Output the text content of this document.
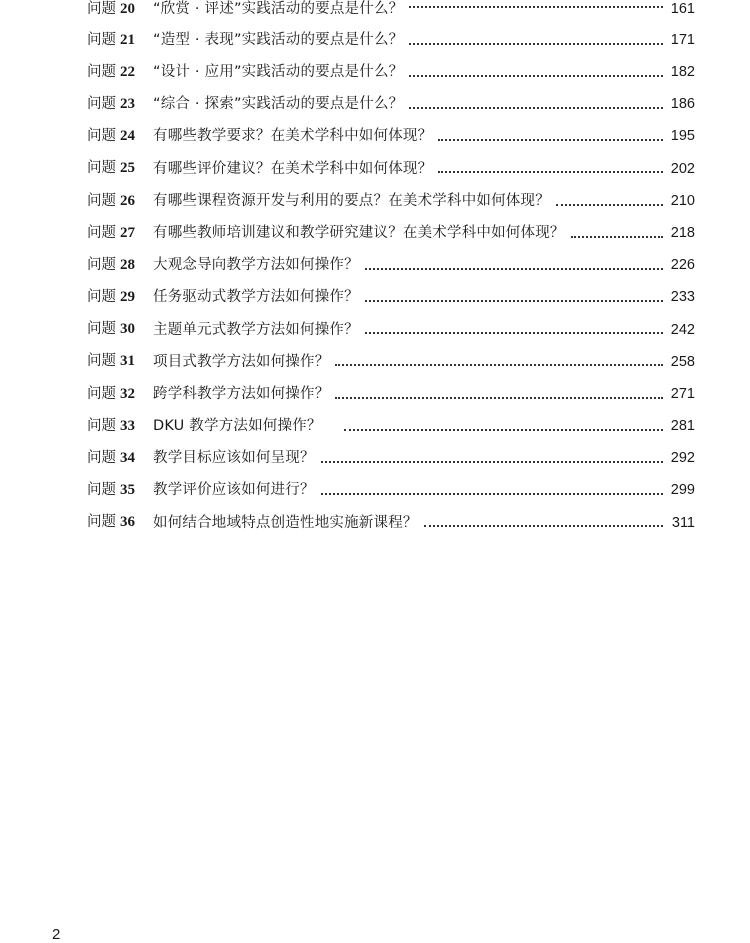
问题 20	“欣赏 · 评述”实践活动的要点是什么？	161
问题 21	“造型 · 表现”实践活动的要点是什么？	171
问题 22	“设计 · 应用”实践活动的要点是什么？	182
问题 23	“综合 · 探索”实践活动的要点是什么？	186
问题 24	有哪些教学要求？在美术学科中如何体现？	195
问题 25	有哪些评价建议？在美术学科中如何体现？	202
问题 26	有哪些课程资源开发与利用的要点？在美术学科中如何体现？	210
问题 27	有哪些教师培训建议和教学研究建议？在美术学科中如何体现？	218
问题 28	大观念导向教学方法如何操作？	226
问题 29	任务驱动式教学方法如何操作？	233
问题 30	主题单元式教学方法如何操作？	242
问题 31	项目式教学方法如何操作？	258
问题 32	跨学科教学方法如何操作？	271
问题 33	DKU 教学方法如何操作？	281
问题 34	教学目标应该如何呈现？	292
问题 35	教学评价应该如何进行？	299
问题 36	如何结合地域特点创造性地实施新课程？	311
2
